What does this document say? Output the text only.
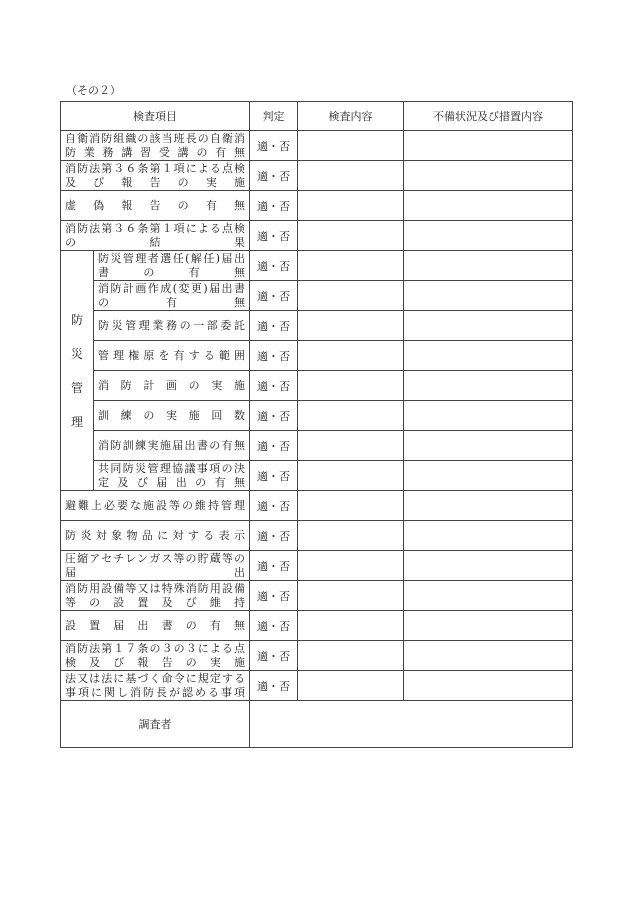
（その２）
検査項目		判定	検査内容	不備状況及び措置内容

自衛消防組織の該当班長の自衛消
防業務講習受講の有無		適・否		

消防法第３６条第１項による点検
及び報告の実施		適・否		

虚偽報告の有無		適・否		

消防法第３６条第１項による点検
の結果		適・否		

防
災
管
理	防災管理者選任(解任)届出
書の有無	適・否		

	消防計画作成(変更)届出書
の有無	適・否		

	防災管理業務の一部委託	適・否		

	管理権原を有する範囲	適・否		

	消防計画の実施	適・否		

	訓練の実施回数	適・否		

	消防訓練実施届出書の有無	適・否		

	共同防災管理協議事項の決
定及び届出の有無	適・否		

避難上必要な施設等の維持管理		適・否		

防炎対象物品に対する表示		適・否		

圧縮アセチレンガス等の貯蔵等の
届出		適・否		

消防用設備等又は特殊消防用設備
等の設置及び維持		適・否		

設置届出書の有無		適・否		

消防法第１７条の３の３による点
検及び報告の実施		適・否		

法又は法に基づく命令に規定する
事項に関し消防長が認める事項		適・否		
調査者				
